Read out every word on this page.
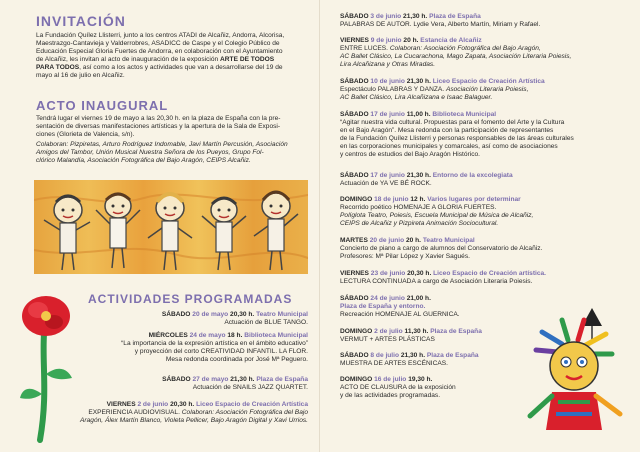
INVITACIÓN
La Fundación Quílez Llisterri, junto a los centros ATADI de Alcañiz, Andorra, Alcorisa,
Maestrazgo-Cantavieja y Valderrobres, ASADICC de Caspe y el Colegio Público de
Educación Especial Gloria Fuertes de Andorra, en colaboración con el Ayuntamiento
de Alcañiz, les invitan al acto de inauguración de la exposición ARTE DE TODOS
PARA TODOS, así como a los actos y actividades que van a desarrollarse del 19 de
mayo al 16 de julio en Alcañiz.
ACTO INAUGURAL
Tendrá lugar el viernes 19 de mayo a las 20,30 h. en la plaza de España con la pre-
sentación de diversas manifestaciones artísticas y la apertura de la Sala de Exposi-
ciones (Glorieta de Valencia, s/n).
Colaboran: Pizpiretas, Arturo Rodríguez Indomable, Javi Martín Percusión, Asociación
Amigos del Tambor, Unión Musical Nuestra Señora de los Pueyos, Grupo Fol-
clórico Malandía, Asociación Fotográfica del Bajo Aragón, CEIPS Alcañiz.
ACTIVIDADES PROGRAMADAS
SÁBADO 20 de mayo 20,30 h. Teatro Municipal
Actuación de BLUE TANGO.
MIÉRCOLES 24 de mayo 18 h. Biblioteca Municipal
“La importancia de la expresión artística en el ámbito educativo”
y proyección del corto CREATIVIDAD INFANTIL. LA FLOR.
Mesa redonda coordinada por José Mª Peguero.
SÁBADO 27 de mayo 21,30 h. Plaza de España
Actuación de SNAILS JAZZ QUARTET.
VIERNES 2 de junio 20,30 h. Liceo Espacio de Creación Artística
EXPERIENCIA AUDIOVISUAL. Colaboran: Asociación Fotográfica del Bajo
Aragón, Álex Martín Blanco, Violeta Pellicer, Bajo Aragón Digital y Xavi Urrios.
SÁBADO 3 de junio 21,30 h. Plaza de España
PALABRAS DE AUTOR. Lydie Vera, Alberto Martín, Miriam y Rafael.
VIERNES 9 de junio 20 h. Estancia de Alcañiz
ENTRE LUCES. Colaboran: Asociación Fotográfica del Bajo Aragón,
AC Ballet Clásico, La Cucarachona, Mago Zapata, Asociación Literaria Poiesis,
Lira Alcañizana y Otras Miradas.
SÁBADO 10 de junio 21,30 h. Liceo Espacio de Creación Artística
Espectáculo PALABRAS Y DANZA. Asociación Literaria Poiesis,
AC Ballet Clásico, Lira Alcañizana e Isaac Balaguer.
SÁBADO 17 de junio 11,00 h. Biblioteca Municipal
“Agitar nuestra vida cultural. Propuestas para el fomento del Arte y la Cultura
en el Bajo Aragón”. Mesa redonda con la participación de representantes
de la Fundación Quílez Llisterri y personas responsables de las áreas culturales
en las corporaciones municipales y comarcales, así como de asociaciones
y centros de estudios del Bajo Aragón Histórico.
SÁBADO 17 de junio 21,30 h. Entorno de la excolegiata
Actuación de YA VE BÉ ROCK.
DOMINGO 18 de junio 12 h. Varios lugares por determinar
Recorrido poético HOMENAJE A GLORIA FUERTES.
Políglota Teatro, Poiesis, Escuela Municipal de Música de Alcañiz,
CEIPS de Alcañiz y Pizpireta Animación Sociocultural.
MARTES 20 de junio 20 h. Teatro Municipal
Concierto de piano a cargo de alumnos del Conservatorio de Alcañiz.
Profesores: Mª Pilar López y Xavier Sagués.
VIERNES 23 de junio 20,30 h. Liceo Espacio de Creación artística.
LECTURA CONTINUADA a cargo de Asociación Literaria Poiesis.
SÁBADO 24 de junio 21,00 h.
Plaza de España y entorno.
Recreación HOMENAJE AL GUERNICA.
DOMINGO 2 de julio 11,30 h. Plaza de España
VERMUT + ARTES PLÁSTICAS
SÁBADO 8 de julio 21,30 h. Plaza de España
MUESTRA DE ARTES ESCÉNICAS.
DOMINGO 16 de julio 19,30 h.
ACTO DE CLAUSURA de la exposición
y de las actividades programadas.
